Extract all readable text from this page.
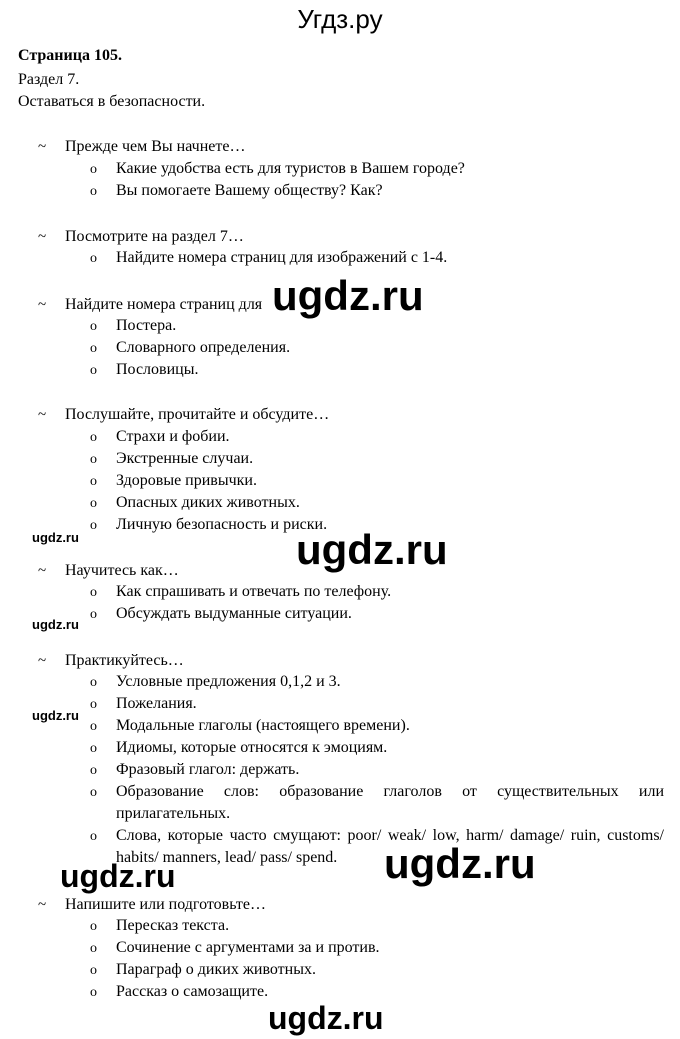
Угдз.ру
Страница 105.
Раздел 7.
Оставаться в безопасности.
~ Прежде чем Вы начнете…
o Какие удобства есть для туристов в Вашем городе?
o Вы помогаете Вашему обществу? Как?
~ Посмотрите на раздел 7…
o Найдите номера страниц для изображений с 1-4.
~ Найдите номера страниц для
o Постера.
o Словарного определения.
o Пословицы.
~ Послушайте, прочитайте и обсудите…
o Страхи и фобии.
o Экстренные случаи.
o Здоровые привычки.
o Опасных диких животных.
o Личную безопасность и риски.
~ Научитесь как…
o Как спрашивать и отвечать по телефону.
o Обсуждать выдуманные ситуации.
~ Практикуйтесь…
o Условные предложения 0,1,2 и 3.
o Пожелания.
o Модальные глаголы (настоящего времени).
o Идиомы, которые относятся к эмоциям.
o Фразовый глагол: держать.
o Образование слов: образование глаголов от существительных или
прилагательных.
o Слова, которые часто смущают: poor/ weak/ low, harm/ damage/ ruin, customs/
habits/ manners, lead/ pass/ spend.
~ Напишите или подготовьте…
o Пересказ текста.
o Сочинение с аргументами за и против.
o Параграф о диких животных.
o Рассказ о самозащите.
ugdz.ru
ugdz.ru
ugdz.ru
ugdz.ru
ugdz.ru
ugdz.ru
ugdz.ru
ugdz.ru
